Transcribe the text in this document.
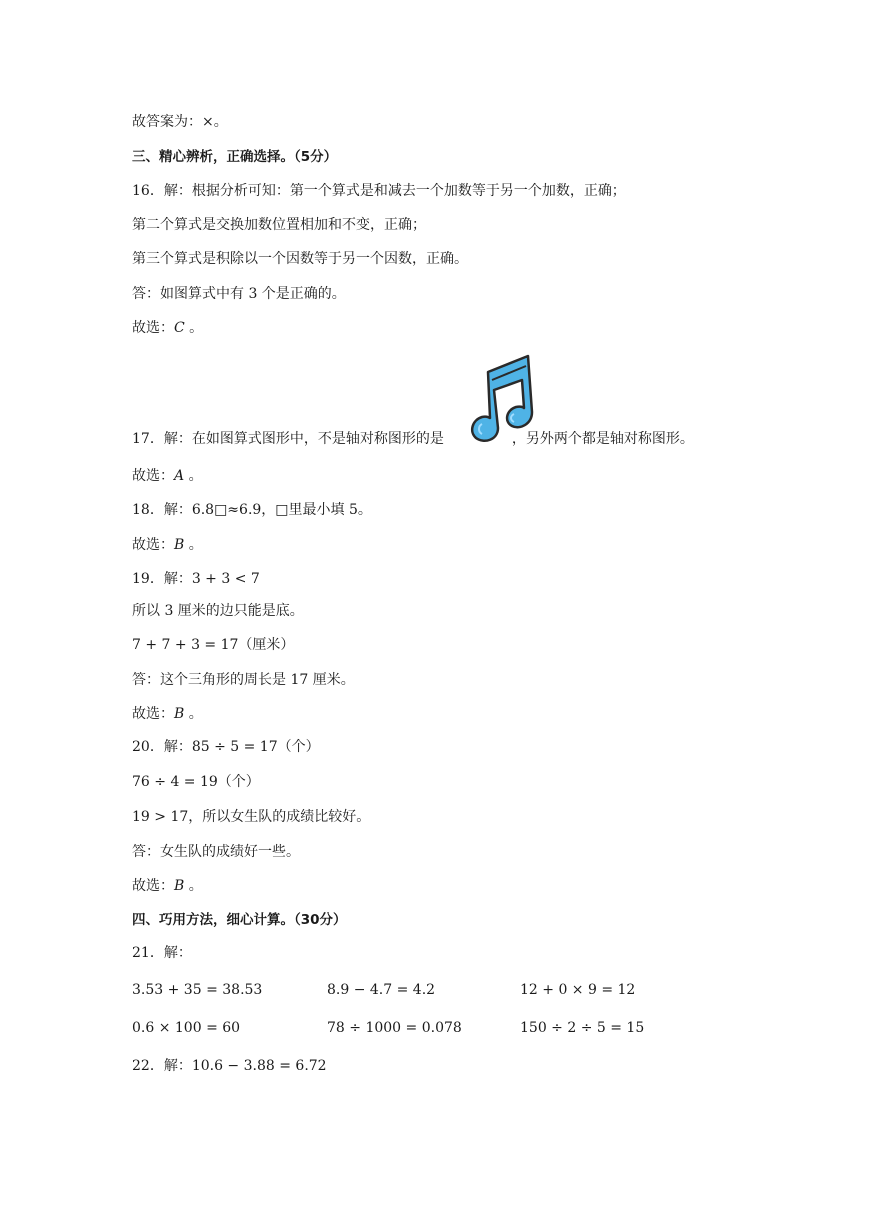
故答案为：×。
三、精心辨析，正确选择。（5分）
16．解：根据分析可知：第一个算式是和减去一个加数等于另一个加数，正确；
第二个算式是交换加数位置相加和不变，正确；
第三个算式是积除以一个因数等于另一个因数，正确。
答：如图算式中有 3 个是正确的。
故选：C 。
17．解：在如图算式图形中，不是轴对称图形的是	，另外两个都是轴对称图形。
故选：A 。
18．解：6.8□≈6.9，□里最小填 5。
故选：B 。
19．解：3 + 3 < 7
所以 3 厘米的边只能是底。
7 + 7 + 3 = 17（厘米）
答：这个三角形的周长是 17 厘米。
故选：B 。
20．解：85 ÷ 5 = 17（个）
76 ÷ 4 = 19（个）
19 > 17，所以女生队的成绩比较好。
答：女生队的成绩好一些。
故选：B 。
四、巧用方法，细心计算。（30分）
21．解：
3.53 + 35 = 38.53	8.9 − 4.7 = 4.2	12 + 0 × 9 = 12
0.6 × 100 = 60	78 ÷ 1000 = 0.078	150 ÷ 2 ÷ 5 = 15
22．解：10.6 − 3.88 = 6.72
